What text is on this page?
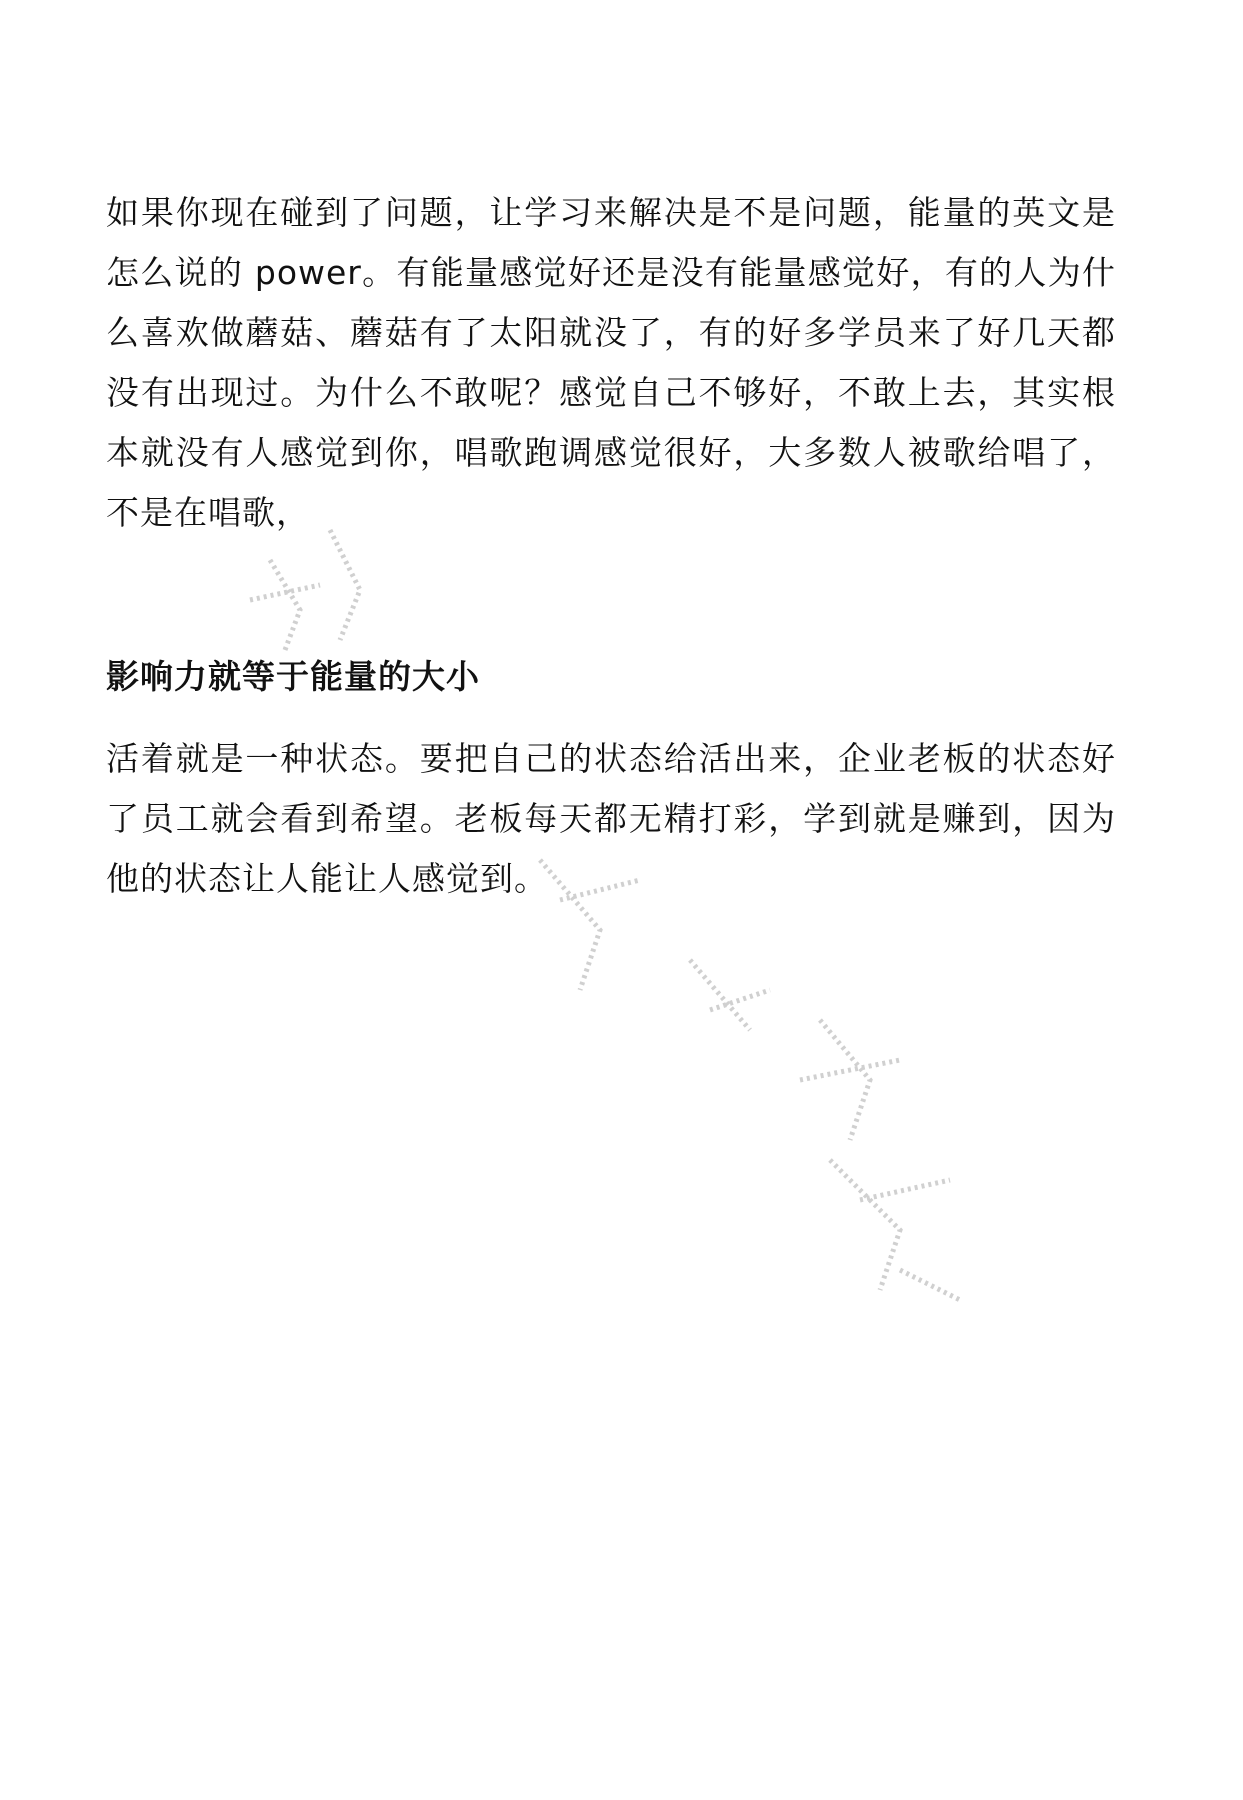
如果你现在碰到了问题，让学习来解决是不是问题，能量的英文是怎么说的 power。有能量感觉好还是没有能量感觉好，有的人为什么喜欢做蘑菇、蘑菇有了太阳就没了，有的好多学员来了好几天都没有出现过。为什么不敢呢？感觉自己不够好，不敢上去，其实根本就没有人感觉到你，唱歌跑调感觉很好，大多数人被歌给唱了，不是在唱歌，

影响力就等于能量的大小

活着就是一种状态。要把自己的状态给活出来，企业老板的状态好了员工就会看到希望。老板每天都无精打彩，学到就是赚到，因为他的状态让人能让人感觉到。
